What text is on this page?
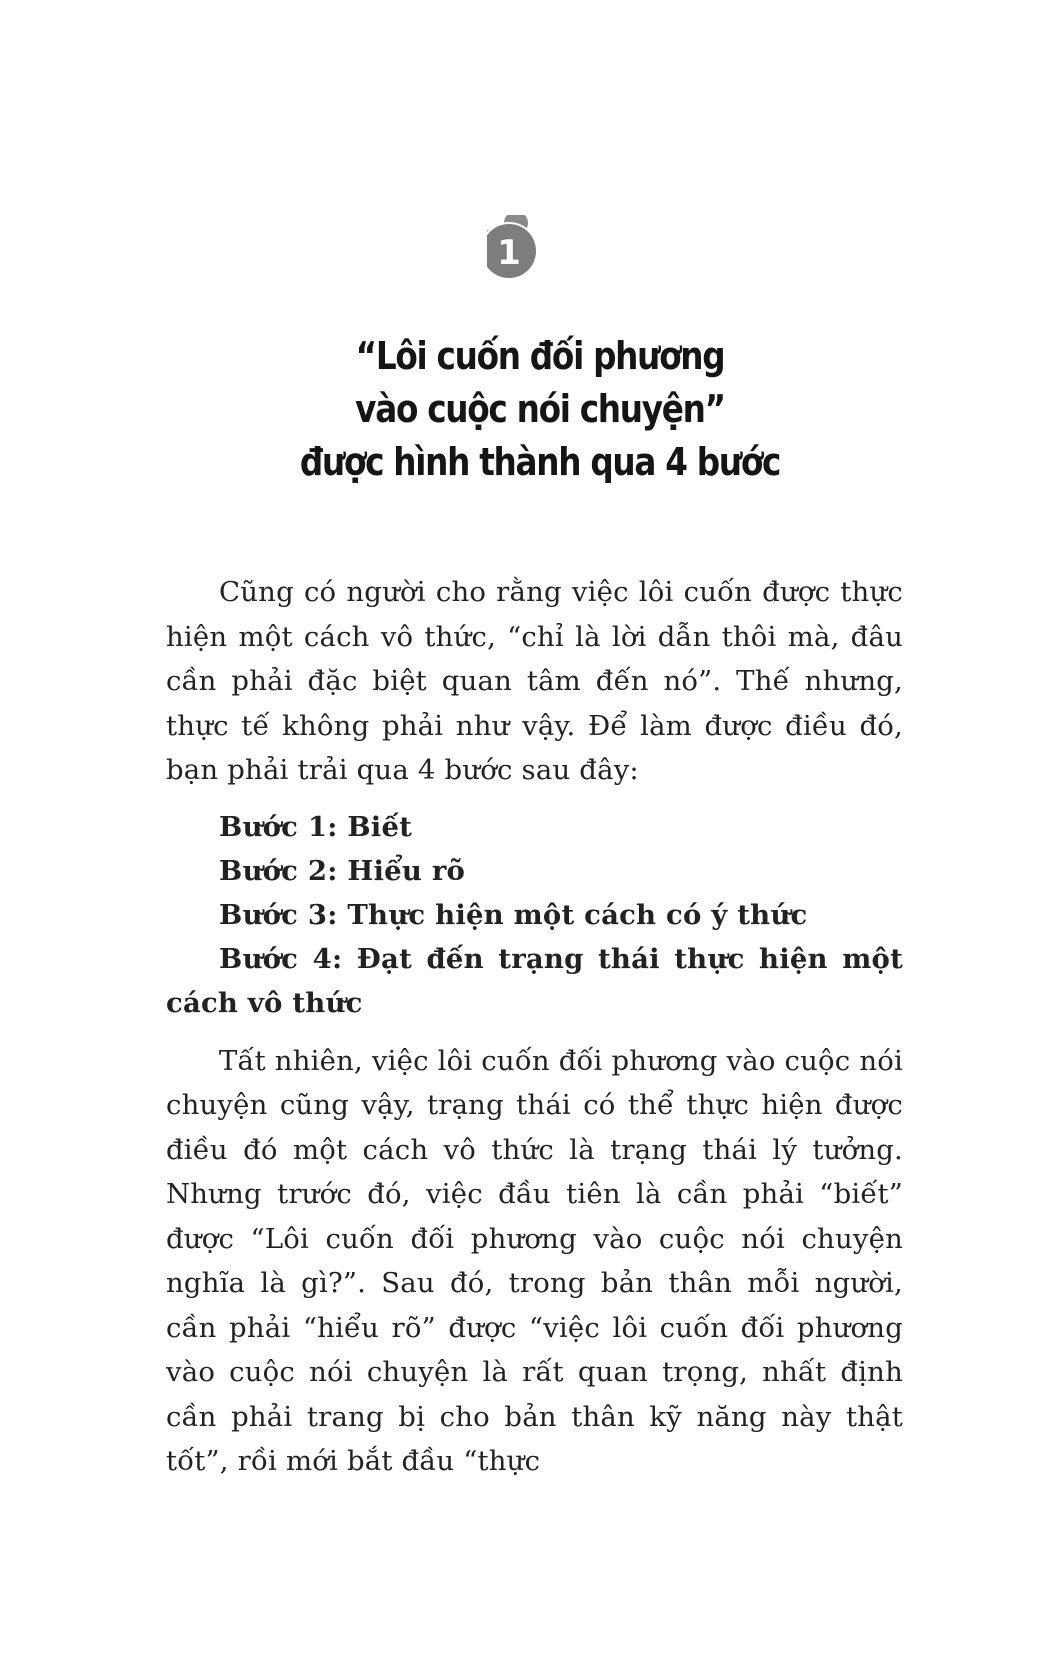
1
“Lôi cuốn đối phương
vào cuộc nói chuyện”
được hình thành qua 4 bước

Cũng có người cho rằng việc lôi cuốn được thực hiện một cách vô thức, “chỉ là lời dẫn thôi mà, đâu cần phải đặc biệt quan tâm đến nó”. Thế nhưng, thực tế không phải như vậy. Để làm được điều đó, bạn phải trải qua 4 bước sau đây:

Bước 1: Biết

Bước 2: Hiểu rõ

Bước 3: Thực hiện một cách có ý thức

Bước 4: Đạt đến trạng thái thực hiện một cách vô thức

Tất nhiên, việc lôi cuốn đối phương vào cuộc nói chuyện cũng vậy, trạng thái có thể thực hiện được điều đó một cách vô thức là trạng thái lý tưởng. Nhưng trước đó, việc đầu tiên là cần phải “biết” được “Lôi cuốn đối phương vào cuộc nói chuyện nghĩa là gì?”. Sau đó, trong bản thân mỗi người, cần phải “hiểu rõ” được “việc lôi cuốn đối phương vào cuộc nói chuyện là rất quan trọng, nhất định cần phải trang bị cho bản thân kỹ năng này thật tốt”, rồi mới bắt đầu “thực
